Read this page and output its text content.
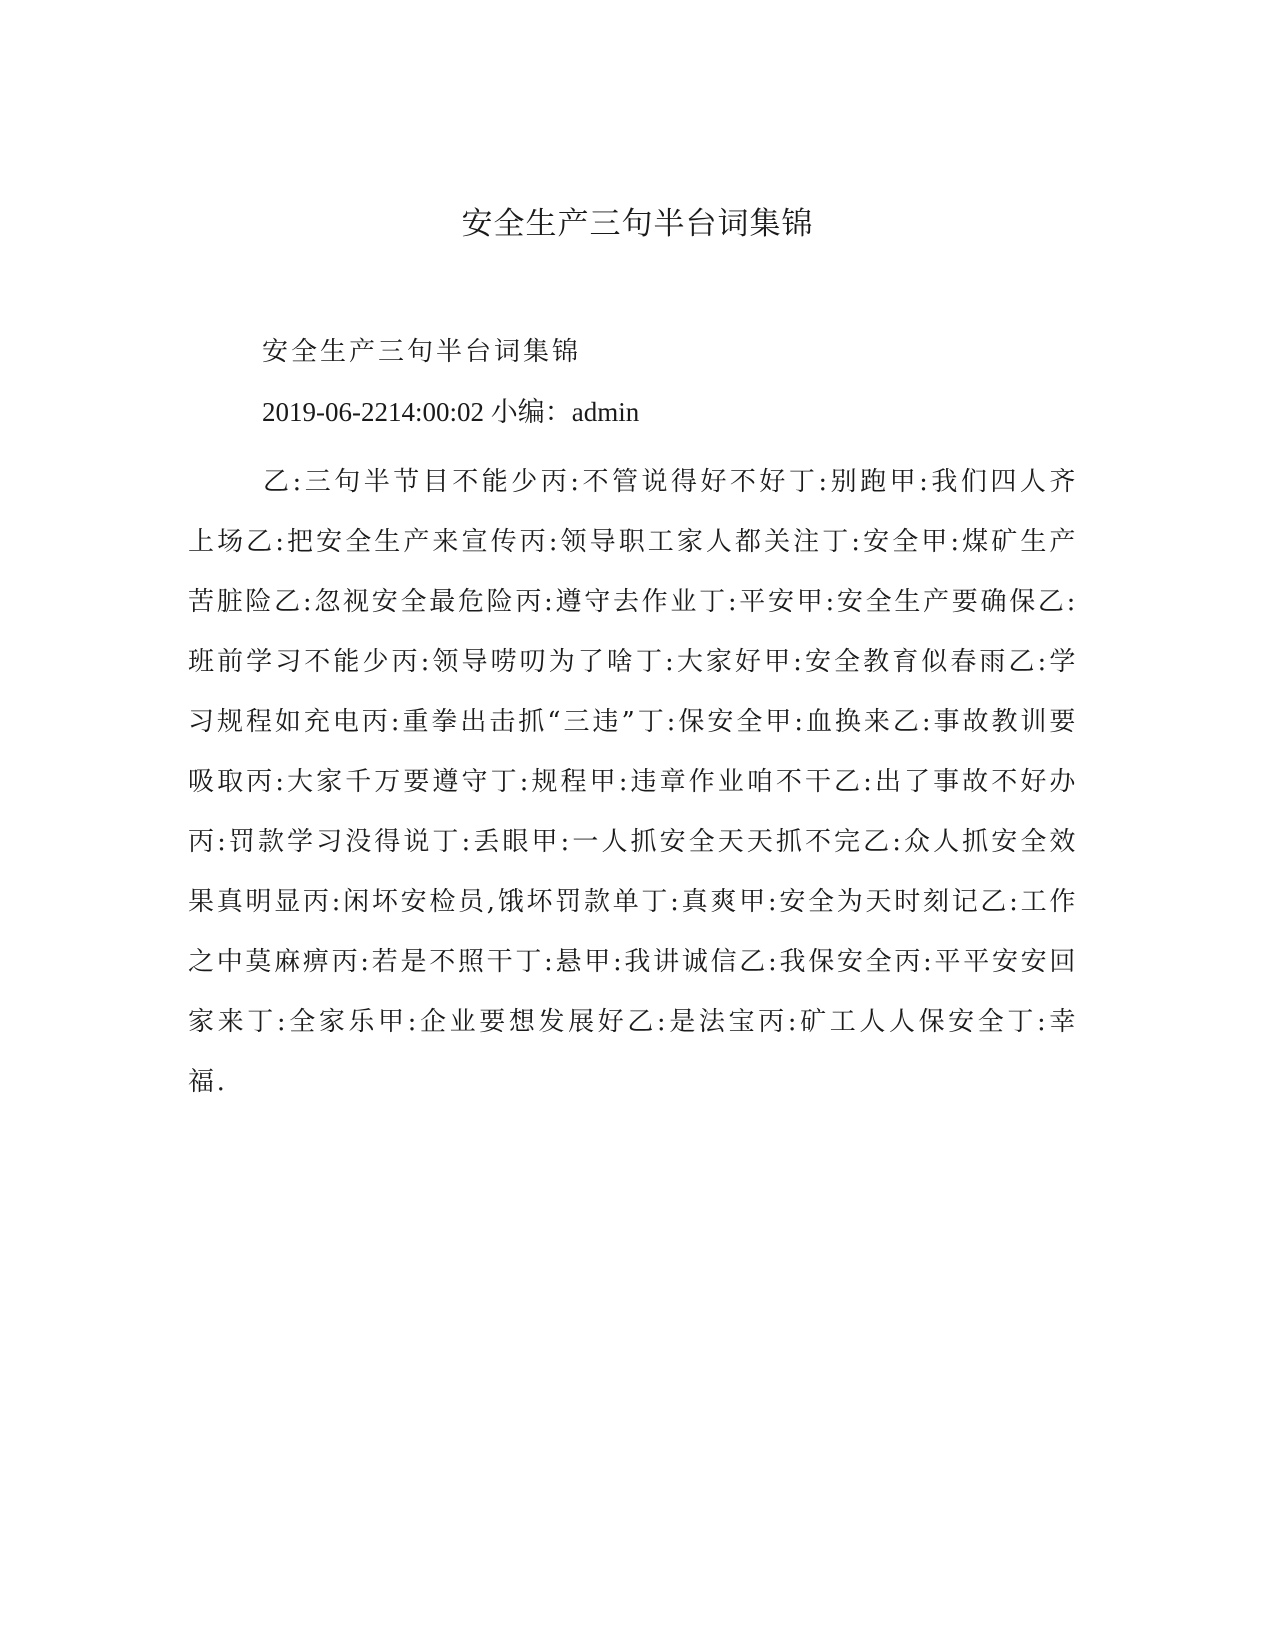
安全生产三句半台词集锦

安全生产三句半台词集锦

2019-06-2214:00:02 小编：admin

乙:三句半节目不能少丙:不管说得好不好丁:别跑甲:我们四人齐上场乙:把安全生产来宣传丙:领导职工家人都关注丁:安全甲:煤矿生产苦脏险乙:忽视安全最危险丙:遵守去作业丁:平安甲:安全生产要确保乙:班前学习不能少丙:领导唠叨为了啥丁:大家好甲:安全教育似春雨乙:学习规程如充电丙:重拳出击抓“三违”丁:保安全甲:血换来乙:事故教训要吸取丙:大家千万要遵守丁:规程甲:违章作业咱不干乙:出了事故不好办丙:罚款学习没得说丁:丢眼甲:一人抓安全天天抓不完乙:众人抓安全效果真明显丙:闲坏安检员,饿坏罚款单丁:真爽甲:安全为天时刻记乙:工作之中莫麻痹丙:若是不照干丁:悬甲:我讲诚信乙:我保安全丙:平平安安回家来丁:全家乐甲:企业要想发展好乙:是法宝丙:矿工人人保安全丁:幸福.
